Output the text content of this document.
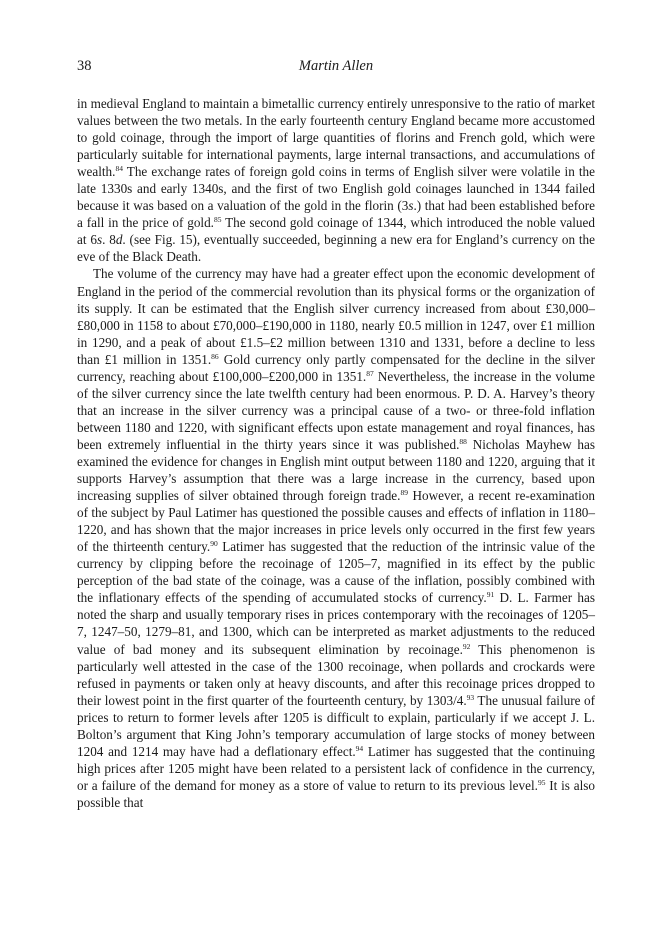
38	Martin Allen

in medieval England to maintain a bimetallic currency entirely unresponsive to the ratio of market values between the two metals. In the early fourteenth century England became more accustomed to gold coinage, through the import of large quantities of florins and French gold, which were particularly suitable for international payments, large internal transactions, and accumulations of wealth.$^{84}$ The exchange rates of foreign gold coins in terms of English silver were volatile in the late 1330s and early 1340s, and the first of two English gold coinages launched in 1344 failed because it was based on a valuation of the gold in the florin (3s.) that had been established before a fall in the price of gold.$^{85}$ The second gold coinage of 1344, which introduced the noble valued at 6s. 8d. (see Fig. 15), eventually succeeded, beginning a new era for England’s currency on the eve of the Black Death.

The volume of the currency may have had a greater effect upon the economic development of England in the period of the commercial revolution than its physical forms or the organization of its supply. It can be estimated that the English silver currency increased from about £30,000–£80,000 in 1158 to about £70,000–£190,000 in 1180, nearly £0.5 million in 1247, over £1 million in 1290, and a peak of about £1.5–£2 million between 1310 and 1331, before a decline to less than £1 million in 1351.86 Gold currency only partly compensated for the decline in the silver currency, reaching about £100,000–£200,000 in 1351.87 Nevertheless, the increase in the volume of the silver currency since the late twelfth century had been enormous. P. D. A. Harvey’s theory that an increase in the silver currency was a principal cause of a two- or three-fold inflation between 1180 and 1220, with significant effects upon estate management and royal finances, has been extremely influential in the thirty years since it was published.$^{88}$ Nicholas Mayhew has examined the evidence for changes in English mint output between 1180 and 1220, arguing that it supports Harvey’s assumption that there was a large increase in the currency, based upon increasing supplies of silver obtained through foreign trade.$^{89}$ However, a recent re-examination of the subject by Paul Latimer has questioned the possible causes and effects of inflation in 1180–1220, and has shown that the major increases in price levels only occurred in the first few years of the thirteenth century.$^{90}$ Latimer has suggested that the reduction of the intrinsic value of the currency by clipping before the recoinage of 1205–7, magnified in its effect by the public perception of the bad state of the coinage, was a cause of the inflation, possibly combined with the inflationary effects of the spending of accumulated stocks of currency.$^{91}$ D. L. Farmer has noted the sharp and usually temporary rises in prices contemporary with the recoinages of 1205–7, 1247–50, 1279–81, and 1300, which can be interpreted as market adjustments to the reduced value of bad money and its subsequent elimination by recoinage.$^{92}$ This phenomenon is particularly well attested in the case of the 1300 recoinage, when pollards and crockards were refused in payments or taken only at heavy discounts, and after this recoinage prices dropped to their lowest point in the first quarter of the fourteenth century, by 1303/4.93 The unusual failure of prices to return to former levels after 1205 is difficult to explain, particularly if we accept J. L. Bolton’s argument that King John’s temporary accumulation of large stocks of money between 1204 and 1214 may have had a deflationary effect.$^{94}$ Latimer has suggested that the continuing high prices after 1205 might have been related to a persistent lack of confidence in the currency, or a failure of the demand for money as a store of value to return to its previous level.$^{95}$ It is also possible that
